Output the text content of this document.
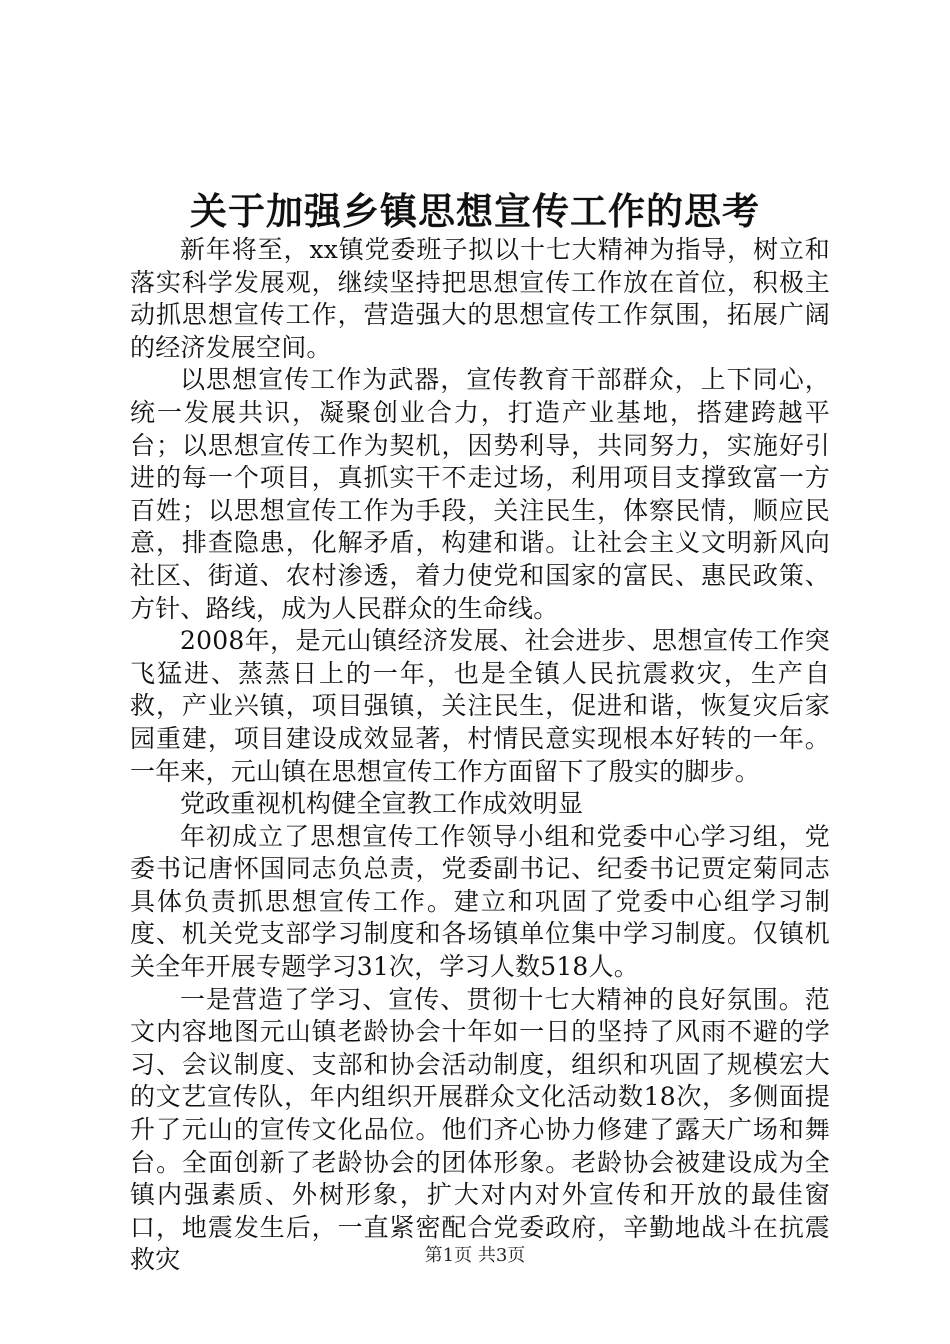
关于加强乡镇思想宣传工作的思考

新年将至，xx镇党委班子拟以十七大精神为指导，树立和落实科学发展观，继续坚持把思想宣传工作放在首位，积极主动抓思想宣传工作，营造强大的思想宣传工作氛围，拓展广阔的经济发展空间。

以思想宣传工作为武器，宣传教育干部群众，上下同心，统一发展共识，凝聚创业合力，打造产业基地，搭建跨越平台；以思想宣传工作为契机，因势利导，共同努力，实施好引进的每一个项目，真抓实干不走过场，利用项目支撑致富一方百姓；以思想宣传工作为手段，关注民生，体察民情，顺应民意，排查隐患，化解矛盾，构建和谐。让社会主义文明新风向社区、街道、农村渗透，着力使党和国家的富民、惠民政策、方针、路线，成为人民群众的生命线。

2008年，是元山镇经济发展、社会进步、思想宣传工作突飞猛进、蒸蒸日上的一年，也是全镇人民抗震救灾，生产自救，产业兴镇，项目强镇，关注民生，促进和谐，恢复灾后家园重建，项目建设成效显著，村情民意实现根本好转的一年。一年来，元山镇在思想宣传工作方面留下了殷实的脚步。

党政重视机构健全宣教工作成效明显

年初成立了思想宣传工作领导小组和党委中心学习组，党委书记唐怀国同志负总责，党委副书记、纪委书记贾定菊同志具体负责抓思想宣传工作。建立和巩固了党委中心组学习制度、机关党支部学习制度和各场镇单位集中学习制度。仅镇机关全年开展专题学习31次，学习人数518人。

一是营造了学习、宣传、贯彻十七大精神的良好氛围。范文内容地图元山镇老龄协会十年如一日的坚持了风雨不避的学习、会议制度、支部和协会活动制度，组织和巩固了规模宏大的文艺宣传队，年内组织开展群众文化活动数18次，多侧面提升了元山的宣传文化品位。他们齐心协力修建了露天广场和舞台。全面创新了老龄协会的团体形象。老龄协会被建设成为全镇内强素质、外树形象，扩大对内对外宣传和开放的最佳窗口，地震发生后，一直紧密配合党委政府，辛勤地战斗在抗震救灾	第1页 共3页
